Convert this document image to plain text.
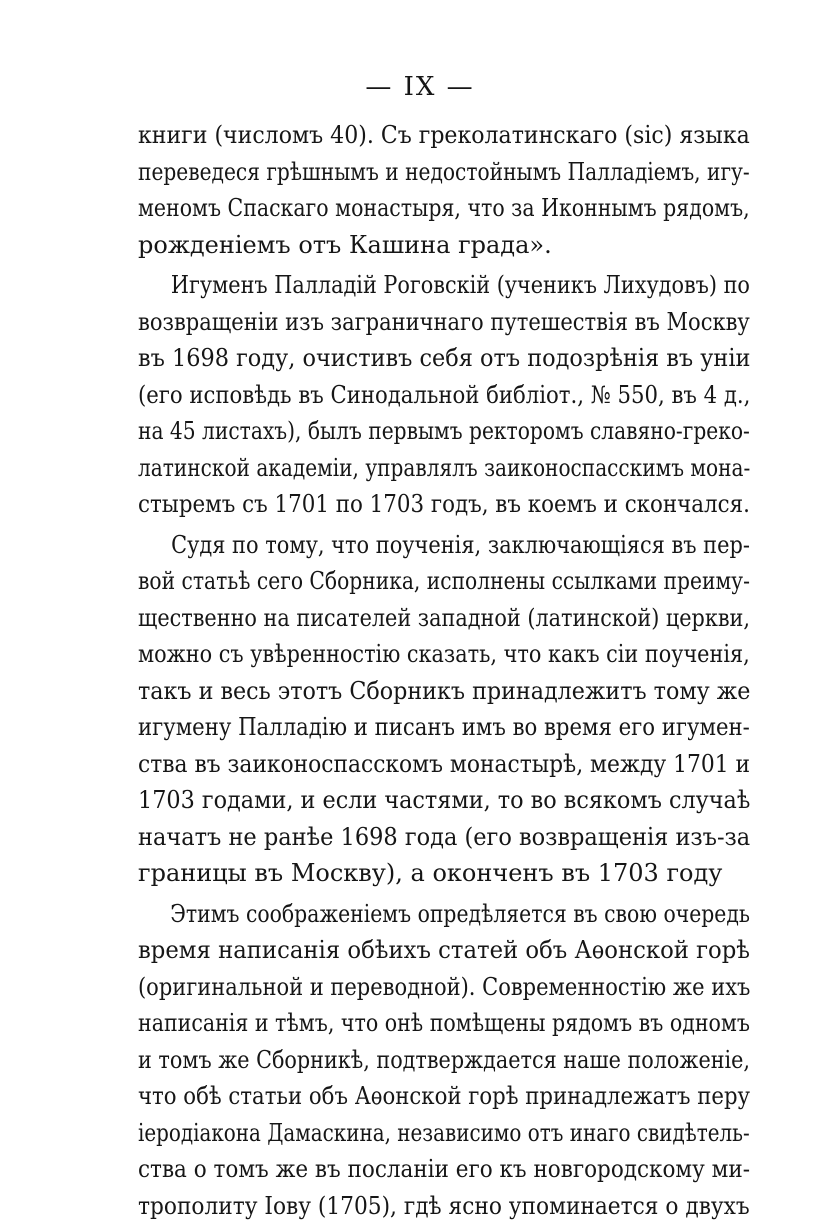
— IX —
книги (числомъ 40). Съ греколатинскаго (sic) языка
переведеся грѣшнымъ и недостойнымъ Палладіемъ, игу-
меномъ Спаскаго монастыря, что за Иконнымъ рядомъ,
рожденіемъ отъ Кашина града».
Игуменъ Палладій Роговскій (ученикъ Лихудовъ) по
возвращеніи изъ заграничнаго путешествія въ Москву
въ 1698 году, очистивъ себя отъ подозрѣнія въ уніи
(его исповѣдь въ Синодальной библіот., № 550, въ 4 д.,
на 45 листахъ), былъ первымъ ректоромъ славяно-греко-
латинской академіи, управлялъ заиконоспасскимъ мона-
стыремъ съ 1701 по 1703 годъ, въ коемъ и скончался.
Судя по тому, что поученія, заключающіяся въ пер-
вой статьѣ сего Сборника, исполнены ссылками преиму-
щественно на писателей западной (латинской) церкви,
можно съ увѣренностію сказать, что какъ сіи поученія,
такъ и весь этотъ Сборникъ принадлежитъ тому же
игумену Палладію и писанъ имъ во время его игумен-
ства въ заиконоспасскомъ монастырѣ, между 1701 и
1703 годами, и если частями, то во всякомъ случаѣ
начатъ не ранѣе 1698 года (его возвращенія изъ-за
границы въ Москву), а оконченъ въ 1703 году
Этимъ соображеніемъ опредѣляется въ свою очередь
время написанія обѣихъ статей объ Аѳонской горѣ
(оригинальной и переводной). Современностію же ихъ
написанія и тѣмъ, что онѣ помѣщены рядомъ въ одномъ
и томъ же Сборникѣ, подтверждается наше положеніе,
что обѣ статьи объ Аѳонской горѣ принадлежатъ перу
іеродіакона Дамаскина, независимо отъ инаго свидѣтель-
ства о томъ же въ посланіи его къ новгородскому ми-
трополиту Іову (1705), гдѣ ясно упоминается о двухъ
